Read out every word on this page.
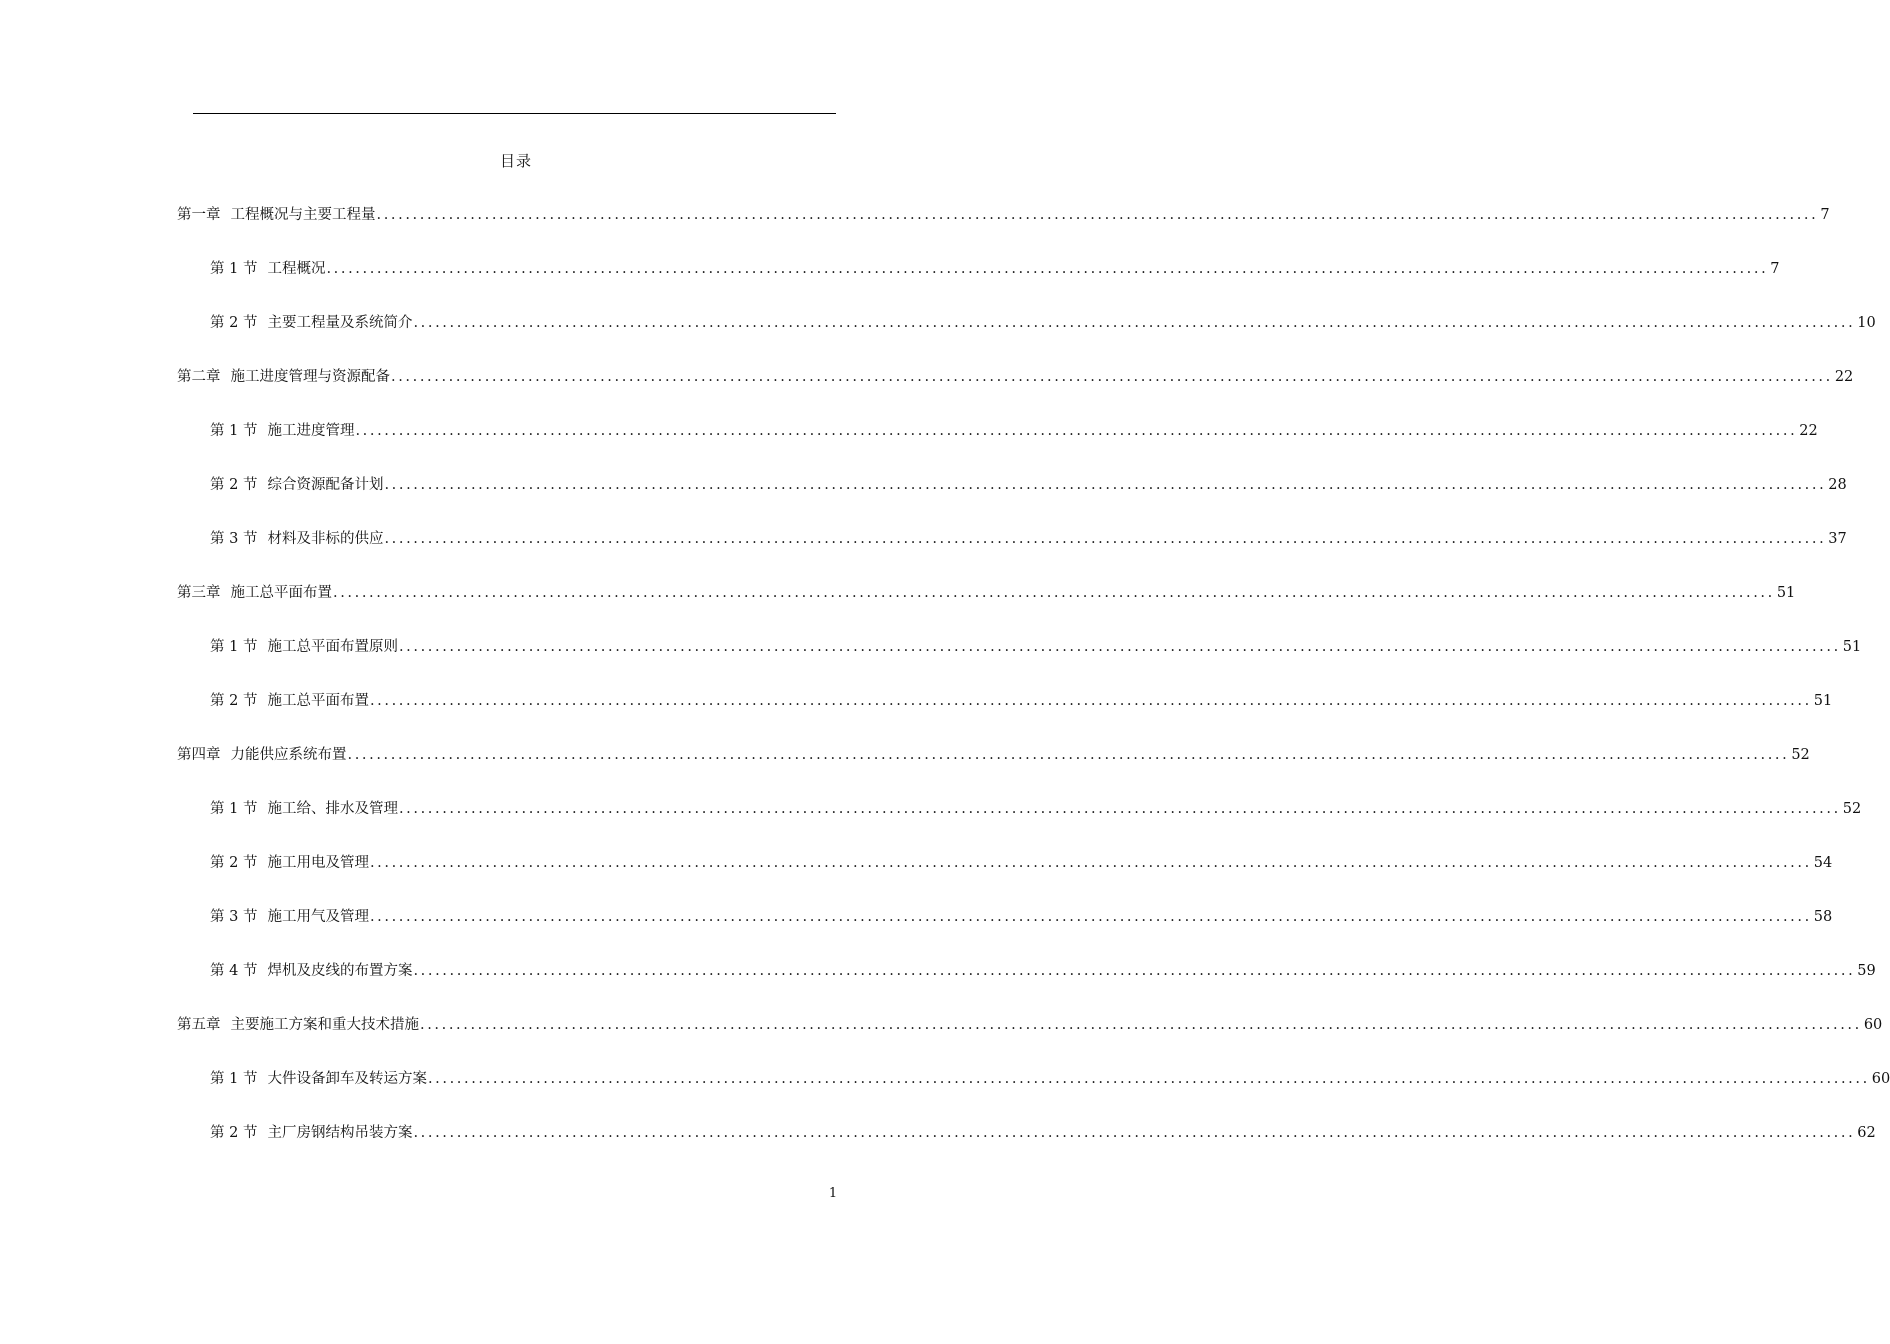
目录
第一章 工程概况与主要工程量 ........................................................................................................................................................................................................ 7
第 1 节 工程概况 ........................................................................................................................................................................................................ 7
第 2 节 主要工程量及系统简介 ........................................................................................................................................................................................................ 10
第二章 施工进度管理与资源配备 ........................................................................................................................................................................................................ 22
第 1 节 施工进度管理 ........................................................................................................................................................................................................ 22
第 2 节 综合资源配备计划 ........................................................................................................................................................................................................ 28
第 3 节 材料及非标的供应 ........................................................................................................................................................................................................ 37
第三章 施工总平面布置 ........................................................................................................................................................................................................ 51
第 1 节 施工总平面布置原则 ........................................................................................................................................................................................................ 51
第 2 节 施工总平面布置 ........................................................................................................................................................................................................ 51
第四章 力能供应系统布置 ........................................................................................................................................................................................................ 52
第 1 节 施工给、排水及管理 ........................................................................................................................................................................................................ 52
第 2 节 施工用电及管理 ........................................................................................................................................................................................................ 54
第 3 节 施工用气及管理 ........................................................................................................................................................................................................ 58
第 4 节 焊机及皮线的布置方案 ........................................................................................................................................................................................................ 59
第五章 主要施工方案和重大技术措施 ........................................................................................................................................................................................................ 60
第 1 节 大件设备卸车及转运方案 ........................................................................................................................................................................................................ 60
第 2 节 主厂房钢结构吊装方案 ........................................................................................................................................................................................................ 62
1
